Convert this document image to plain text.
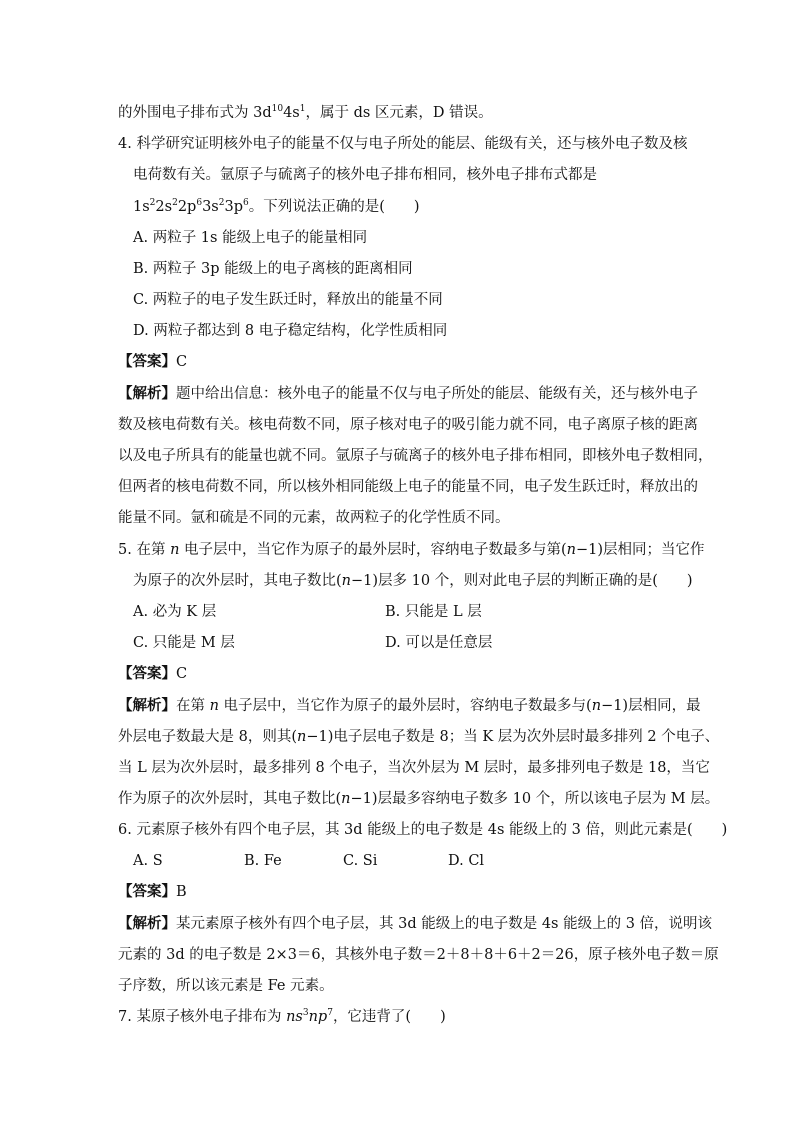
的外围电子排布式为 $3d^{10}4s^1$，属于 ds 区元素，D 错误。
4. 科学研究证明核外电子的能量不仅与电子所处的能层、能级有关，还与核外电子数及核
电荷数有关。氩原子与硫离子的核外电子排布相同，核外电子排布式都是
$1s^22s^22p^63s^23p^6$。下列说法正确的是(　　)
A. 两粒子 1s 能级上电子的能量相同
B. 两粒子 3p 能级上的电子离核的距离相同
C. 两粒子的电子发生跃迁时，释放出的能量不同
D. 两粒子都达到 8 电子稳定结构，化学性质相同
【答案】C
【解析】题中给出信息：核外电子的能量不仅与电子所处的能层、能级有关，还与核外电子
数及核电荷数有关。核电荷数不同，原子核对电子的吸引能力就不同，电子离原子核的距离
以及电子所具有的能量也就不同。氩原子与硫离子的核外电子排布相同，即核外电子数相同，
但两者的核电荷数不同，所以核外相同能级上电子的能量不同，电子发生跃迁时，释放出的
能量不同。氩和硫是不同的元素，故两粒子的化学性质不同。
5. 在第 n 电子层中，当它作为原子的最外层时，容纳电子数最多与第(n−1)层相同；当它作
为原子的次外层时，其电子数比(n−1)层多 10 个，则对此电子层的判断正确的是(　　)
A. 必为 K 层	B. 只能是 L 层
C. 只能是 M 层	D. 可以是任意层
【答案】C
【解析】在第 n 电子层中，当它作为原子的最外层时，容纳电子数最多与(n−1)层相同，最
外层电子数最大是 8，则其(n−1)电子层电子数是 8；当 K 层为次外层时最多排列 2 个电子、
当 L 层为次外层时，最多排列 8 个电子，当次外层为 M 层时，最多排列电子数是 18，当它
作为原子的次外层时，其电子数比(n−1)层最多容纳电子数多 10 个，所以该电子层为 M 层。
6. 元素原子核外有四个电子层，其 3d 能级上的电子数是 4s 能级上的 3 倍，则此元素是(　　)
A. S	B. Fe	C. Si	D. Cl
【答案】B
【解析】某元素原子核外有四个电子层，其 3d 能级上的电子数是 4s 能级上的 3 倍，说明该
元素的 3d 的电子数是 2×3＝6，其核外电子数＝2＋8＋8＋6＋2＝26，原子核外电子数＝原
子序数，所以该元素是 Fe 元素。
7. 某原子核外电子排布为 $ns^3np^7$，它违背了(　　)
